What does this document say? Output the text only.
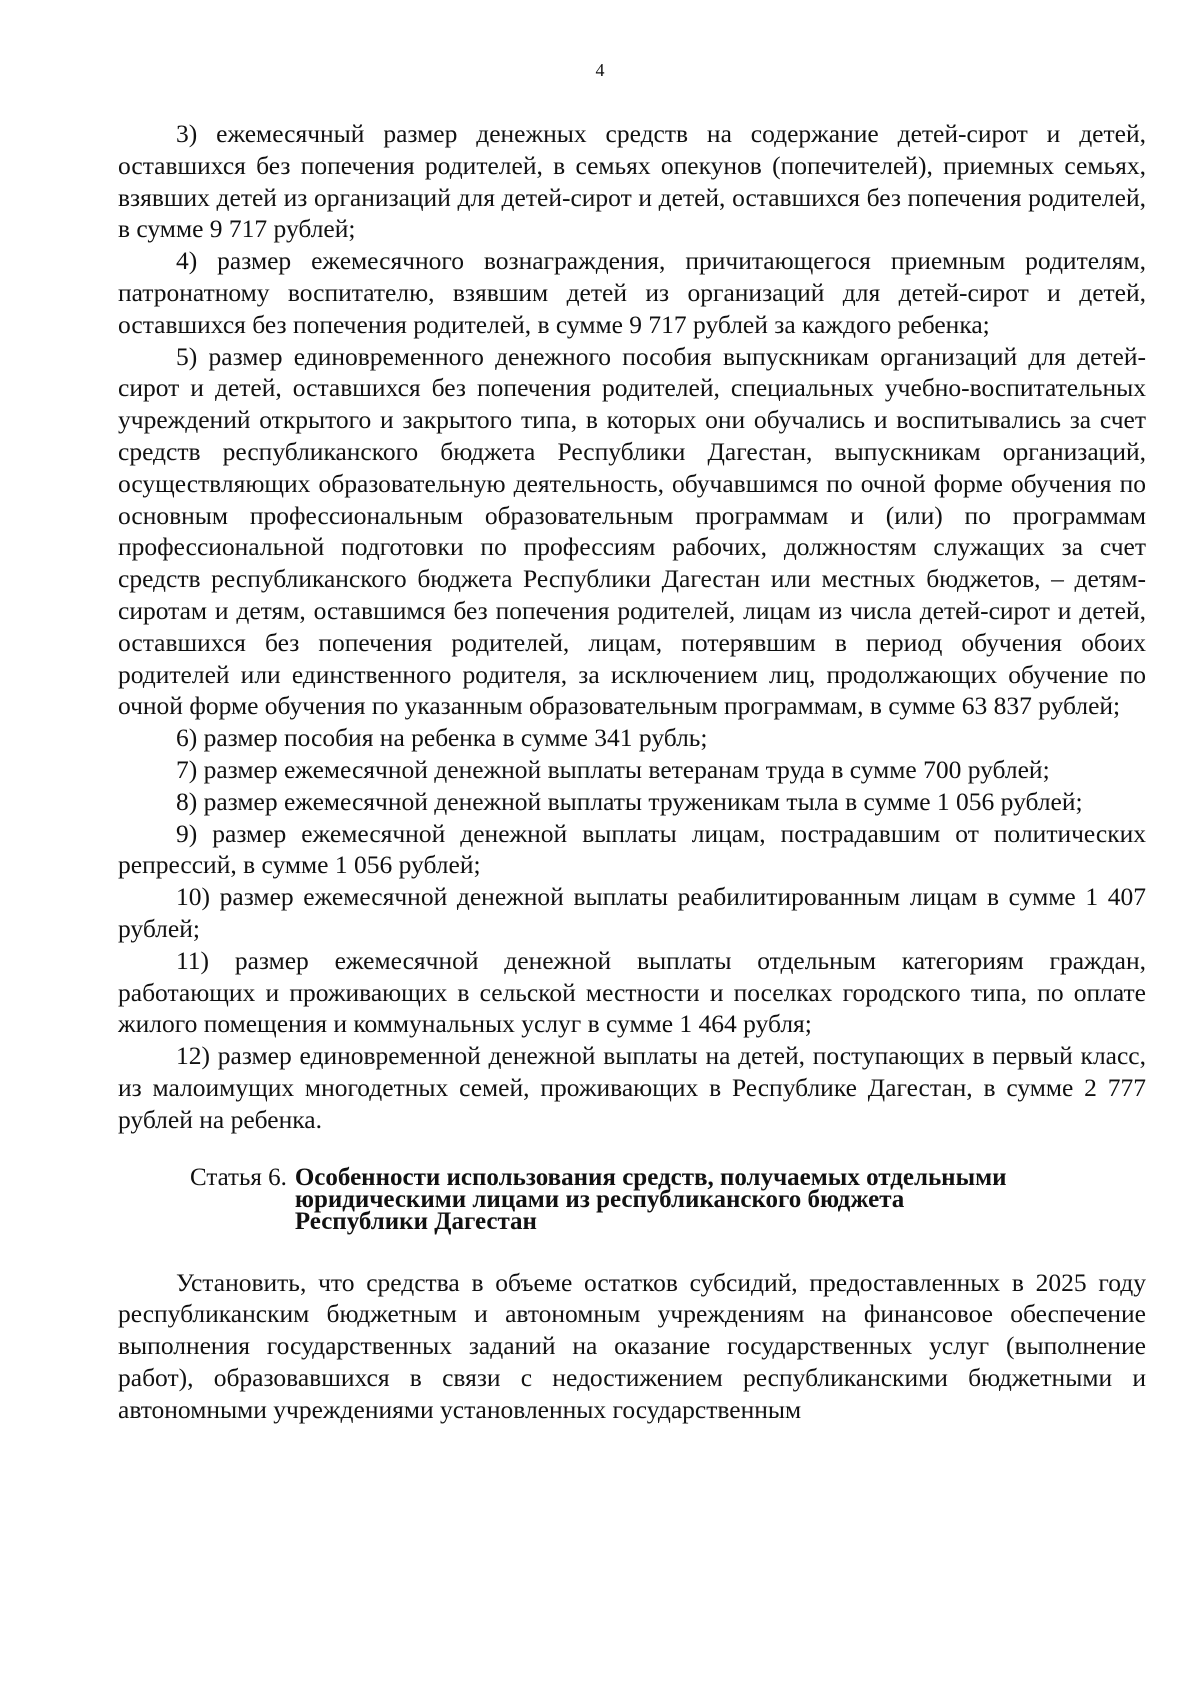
4

3) ежемесячный размер денежных средств на содержание детей-сирот и детей, оставшихся без попечения родителей, в семьях опекунов (попечителей), приемных семьях, взявших детей из организаций для детей-сирот и детей, оставшихся без попечения родителей, в сумме 9 717 рублей;

4) размер ежемесячного вознаграждения, причитающегося приемным родителям, патронатному воспитателю, взявшим детей из организаций для детей-сирот и детей, оставшихся без попечения родителей, в сумме 9 717 рублей за каждого ребенка;

5) размер единовременного денежного пособия выпускникам организаций для детей-сирот и детей, оставшихся без попечения родителей, специальных учебно-воспитательных учреждений открытого и закрытого типа, в которых они обучались и воспитывались за счет средств республиканского бюджета Республики Дагестан, выпускникам организаций, осуществляющих образовательную деятельность, обучавшимся по очной форме обучения по основным профессиональным образовательным программам и (или) по программам профессиональной подготовки по профессиям рабочих, должностям служащих за счет средств республиканского бюджета Республики Дагестан или местных бюджетов, – детям-сиротам и детям, оставшимся без попечения родителей, лицам из числа детей-сирот и детей, оставшихся без попечения родителей, лицам, потерявшим в период обучения обоих родителей или единственного родителя, за исключением лиц, продолжающих обучение по очной форме обучения по указанным образовательным программам, в сумме 63 837 рублей;

6) размер пособия на ребенка в сумме 341 рубль;

7) размер ежемесячной денежной выплаты ветеранам труда в сумме 700 рублей;

8) размер ежемесячной денежной выплаты труженикам тыла в сумме 1 056 рублей;

9) размер ежемесячной денежной выплаты лицам, пострадавшим от политических репрессий, в сумме 1 056 рублей;

10) размер ежемесячной денежной выплаты реабилитированным лицам в сумме 1 407 рублей;

11) размер ежемесячной денежной выплаты отдельным категориям граждан, работающих и проживающих в сельской местности и поселках городского типа, по оплате жилого помещения и коммунальных услуг в сумме 1 464 рубля;

12) размер единовременной денежной выплаты на детей, поступающих в первый класс, из малоимущих многодетных семей, проживающих в Республике Дагестан, в сумме 2 777 рублей на ребенка.

Статья 6. Особенности использования средств, получаемых отдельными
юридическими лицами из республиканского бюджета
Республики Дагестан

Установить, что средства в объеме остатков субсидий, предоставленных в 2025 году республиканским бюджетным и автономным учреждениям на финансовое обеспечение выполнения государственных заданий на оказание государственных услуг (выполнение работ), образовавшихся в связи с недостижением республиканскими бюджетными и автономными учреждениями установленных государственным
